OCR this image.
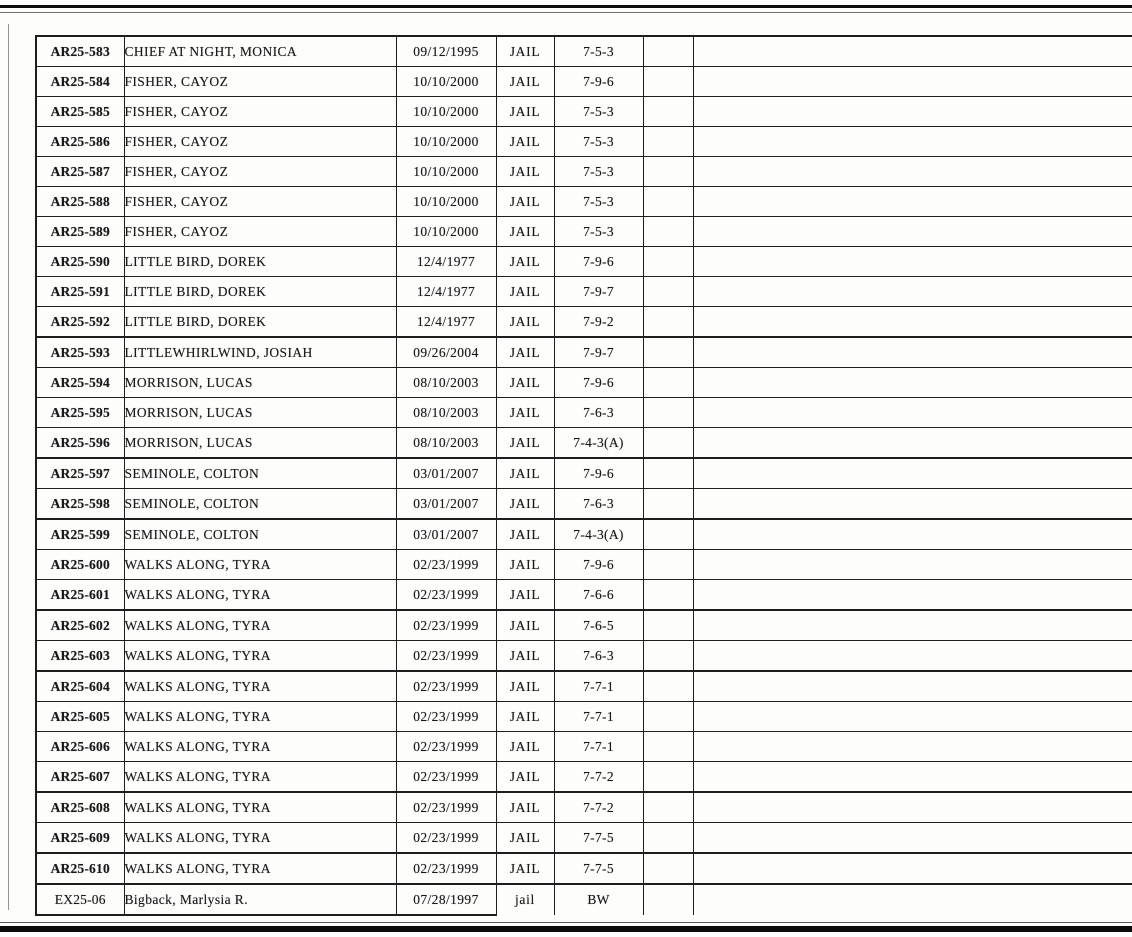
AR25-583	CHIEF AT NIGHT, MONICA	09/12/1995	JAIL	7-5-3		
AR25-584	FISHER, CAYOZ	10/10/2000	JAIL	7-9-6		
AR25-585	FISHER, CAYOZ	10/10/2000	JAIL	7-5-3		
AR25-586	FISHER, CAYOZ	10/10/2000	JAIL	7-5-3		
AR25-587	FISHER, CAYOZ	10/10/2000	JAIL	7-5-3		
AR25-588	FISHER, CAYOZ	10/10/2000	JAIL	7-5-3		
AR25-589	FISHER, CAYOZ	10/10/2000	JAIL	7-5-3		
AR25-590	LITTLE BIRD, DOREK	12/4/1977	JAIL	7-9-6		
AR25-591	LITTLE BIRD, DOREK	12/4/1977	JAIL	7-9-7		
AR25-592	LITTLE BIRD, DOREK	12/4/1977	JAIL	7-9-2		
AR25-593	LITTLEWHIRLWIND, JOSIAH	09/26/2004	JAIL	7-9-7		
AR25-594	MORRISON, LUCAS	08/10/2003	JAIL	7-9-6		
AR25-595	MORRISON, LUCAS	08/10/2003	JAIL	7-6-3		
AR25-596	MORRISON, LUCAS	08/10/2003	JAIL	7-4-3(A)		
AR25-597	SEMINOLE, COLTON	03/01/2007	JAIL	7-9-6		
AR25-598	SEMINOLE, COLTON	03/01/2007	JAIL	7-6-3		
AR25-599	SEMINOLE, COLTON	03/01/2007	JAIL	7-4-3(A)		
AR25-600	WALKS ALONG, TYRA	02/23/1999	JAIL	7-9-6		
AR25-601	WALKS ALONG, TYRA	02/23/1999	JAIL	7-6-6		
AR25-602	WALKS ALONG, TYRA	02/23/1999	JAIL	7-6-5		
AR25-603	WALKS ALONG, TYRA	02/23/1999	JAIL	7-6-3		
AR25-604	WALKS ALONG, TYRA	02/23/1999	JAIL	7-7-1		
AR25-605	WALKS ALONG, TYRA	02/23/1999	JAIL	7-7-1		
AR25-606	WALKS ALONG, TYRA	02/23/1999	JAIL	7-7-1		
AR25-607	WALKS ALONG, TYRA	02/23/1999	JAIL	7-7-2		
AR25-608	WALKS ALONG, TYRA	02/23/1999	JAIL	7-7-2		
AR25-609	WALKS ALONG, TYRA	02/23/1999	JAIL	7-7-5		
AR25-610	WALKS ALONG, TYRA	02/23/1999	JAIL	7-7-5		
EX25-06	Bigback, Marlysia R.	07/28/1997	jail	BW		
